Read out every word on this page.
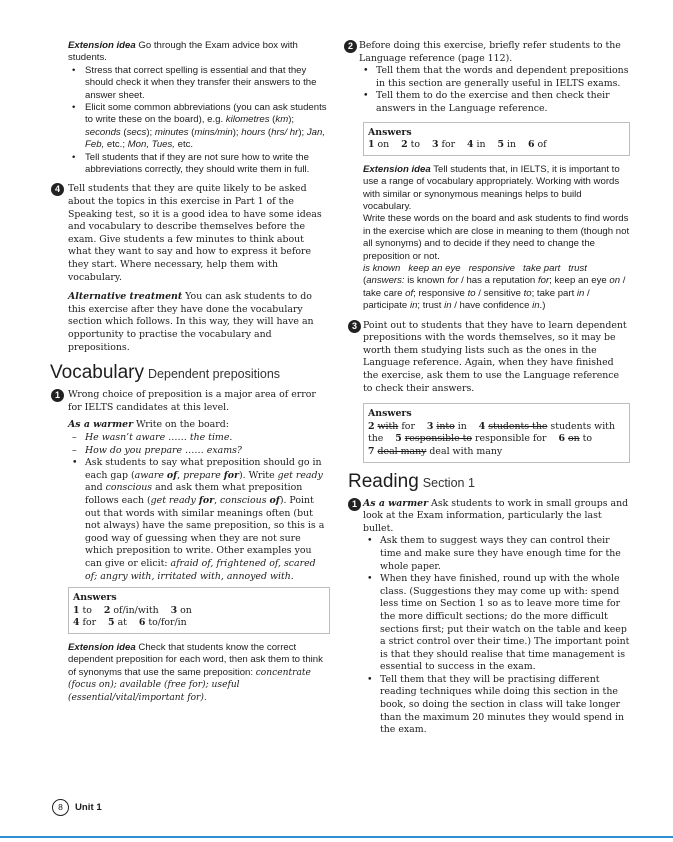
Extension idea Go through the Exam advice box with students.

• Stress that correct spelling is essential and that they should check it when they transfer their answers to the answer sheet.
• Elicit some common abbreviations (you can ask students to write these on the board), e.g. kilometres (km); seconds (secs); minutes (mins/min); hours (hrs/ hr); Jan, Feb, etc.; Mon, Tues, etc.
• Tell students that if they are not sure how to write the abbreviations correctly, they should write them in full.
4 Tell students that they are quite likely to be asked about the topics in this exercise in Part 1 of the Speaking test, so it is a good idea to have some ideas and vocabulary to describe themselves before the exam. Give students a few minutes to think about what they want to say and how to express it before they start. Where necessary, help them with vocabulary.

Alternative treatment You can ask students to do this exercise after they have done the vocabulary section which follows. In this way, they will have an opportunity to practise the vocabulary and prepositions.

Vocabulary Dependent prepositions
1 Wrong choice of preposition is a major area of error for IELTS candidates at this level.

As a warmer Write on the board:

– He wasn’t aware …… the time.
– How do you prepare …… exams?
• Ask students to say what preposition should go in each gap (aware of, prepare for). Write get ready and conscious and ask them what preposition follows each (get ready for, conscious of). Point out that words with similar meanings often (but not always) have the same preposition, so this is a good way of guessing when they are not sure which preposition to write. Other examples you can give or elicit: afraid of, frightened of, scared of; angry with, irritated with, annoyed with.
Answers
1 to 2 of/in/with 3 on
4 for 5 at 6 to/for/in

Extension idea Check that students know the correct dependent preposition for each word, then ask them to think of synonyms that use the same preposition: concentrate (focus on); available (free for); useful (essential/vital/important for).

2 Before doing this exercise, briefly refer students to the Language reference (page 112).

• Tell them that the words and dependent prepositions in this section are generally useful in IELTS exams.
• Tell them to do the exercise and then check their answers in the Language reference.
Answers
1 on 2 to 3 for 4 in 5 in 6 of

Extension idea Tell students that, in IELTS, it is important to use a range of vocabulary appropriately. Working with words with similar or synonymous meanings helps to build vocabulary.

Write these words on the board and ask students to find words in the exercise which are close in meaning to them (though not all synonyms) and to decide if they need to change the preposition or not.

is known   keep an eye   responsive   take part   trust

(answers: is known for / has a reputation for; keep an eye on / take care of; responsive to / sensitive to; take part in / participate in; trust in / have confidence in.)

3 Point out to students that they have to learn dependent prepositions with the words themselves, so it may be worth them studying lists such as the ones in the Language reference. Again, when they have finished the exercise, ask them to use the Language reference to check their answers.

Answers
2 with for 3 into in 4 students the students with the 5 responsible to responsible for 6 on to
7 deal many deal with many
Reading Section 1
1 As a warmer Ask students to work in small groups and look at the Exam information, particularly the last bullet.

• Ask them to suggest ways they can control their time and make sure they have enough time for the whole paper.
• When they have finished, round up with the whole class. (Suggestions they may come up with: spend less time on Section 1 so as to leave more time for the more difficult sections; do the more difficult sections first; put their watch on the table and keep a strict control over their time.) The important point is that they should realise that time management is essential to success in the exam.
• Tell them that they will be practising different reading techniques while doing this section in the book, so doing the section in class will take longer than the maximum 20 minutes they would spend in the exam.
8 Unit 1
